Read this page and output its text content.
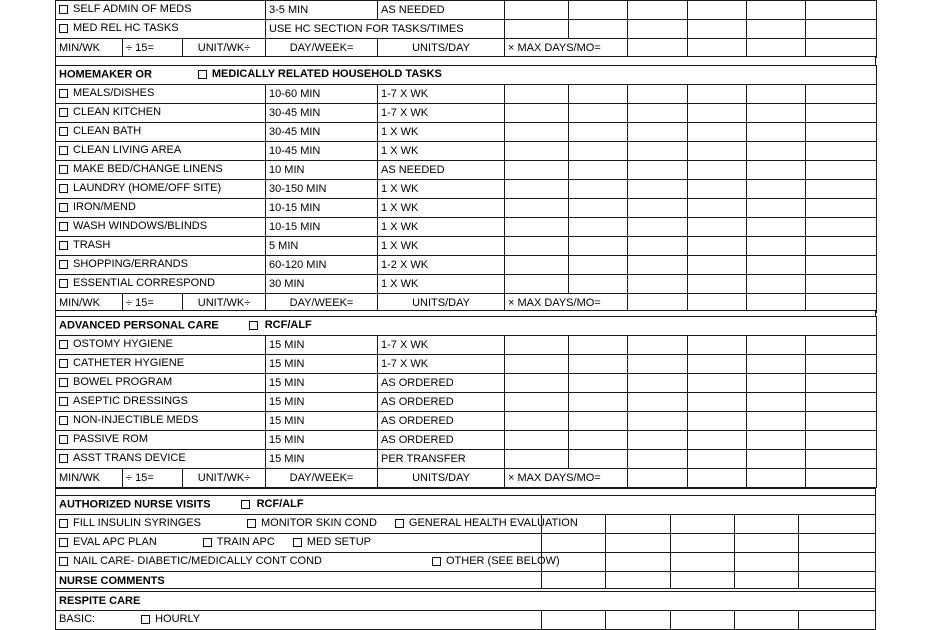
SELF ADMIN OF MEDS			3-5 MIN	AS NEEDED						
MED REL HC TASKS			USE HC SECTION FOR TASKS/TIMES							
MIN/WK	÷ 15=	UNIT/WK÷	DAY/WEEK=	UNITS/DAY	× MAX DAYS/MO=					
HOMEMAKER OR MEDICALLY RELATED HOUSEHOLD TASKS										
MEALS/DISHES			10-60 MIN	1-7 X WK						
CLEAN KITCHEN			30-45 MIN	1-7 X WK						
CLEAN BATH			30-45 MIN	1 X WK						
CLEAN LIVING AREA			10-45 MIN	1 X WK						
MAKE BED/CHANGE LINENS			10 MIN	AS NEEDED						
LAUNDRY (HOME/OFF SITE)			30-150 MIN	1 X WK						
IRON/MEND			10-15 MIN	1 X WK						
WASH WINDOWS/BLINDS			10-15 MIN	1 X WK						
TRASH			5 MIN	1 X WK						
SHOPPING/ERRANDS			60-120 MIN	1-2 X WK						
ESSENTIAL CORRESPOND			30 MIN	1 X WK						
MIN/WK	÷ 15=	UNIT/WK÷	DAY/WEEK=	UNITS/DAY	× MAX DAYS/MO=					
ADVANCED PERSONAL CARE RCF/ALF										
OSTOMY HYGIENE			15 MIN	1-7 X WK						
CATHETER HYGIENE			15 MIN	1-7 X WK						
BOWEL PROGRAM			15 MIN	AS ORDERED						
ASEPTIC DRESSINGS			15 MIN	AS ORDERED						
NON-INJECTIBLE MEDS			15 MIN	AS ORDERED						
PASSIVE ROM			15 MIN	AS ORDERED						
ASST TRANS DEVICE			15 MIN	PER TRANSFER						
MIN/WK	÷ 15=	UNIT/WK÷	DAY/WEEK=	UNITS/DAY	× MAX DAYS/MO=					
AUTHORIZED NURSE VISITS RCF/ALF					
FILL INSULIN SYRINGES MONITOR SKIN COND GENERAL HEALTH EVALUATION					
EVAL APC PLAN TRAIN APC MED SETUP					
NAIL CARE- DIABETIC/MEDICALLY CONT COND OTHER (SEE BELOW)					
NURSE COMMENTS					
RESPITE CARE
BASIC:	HOURLY					
